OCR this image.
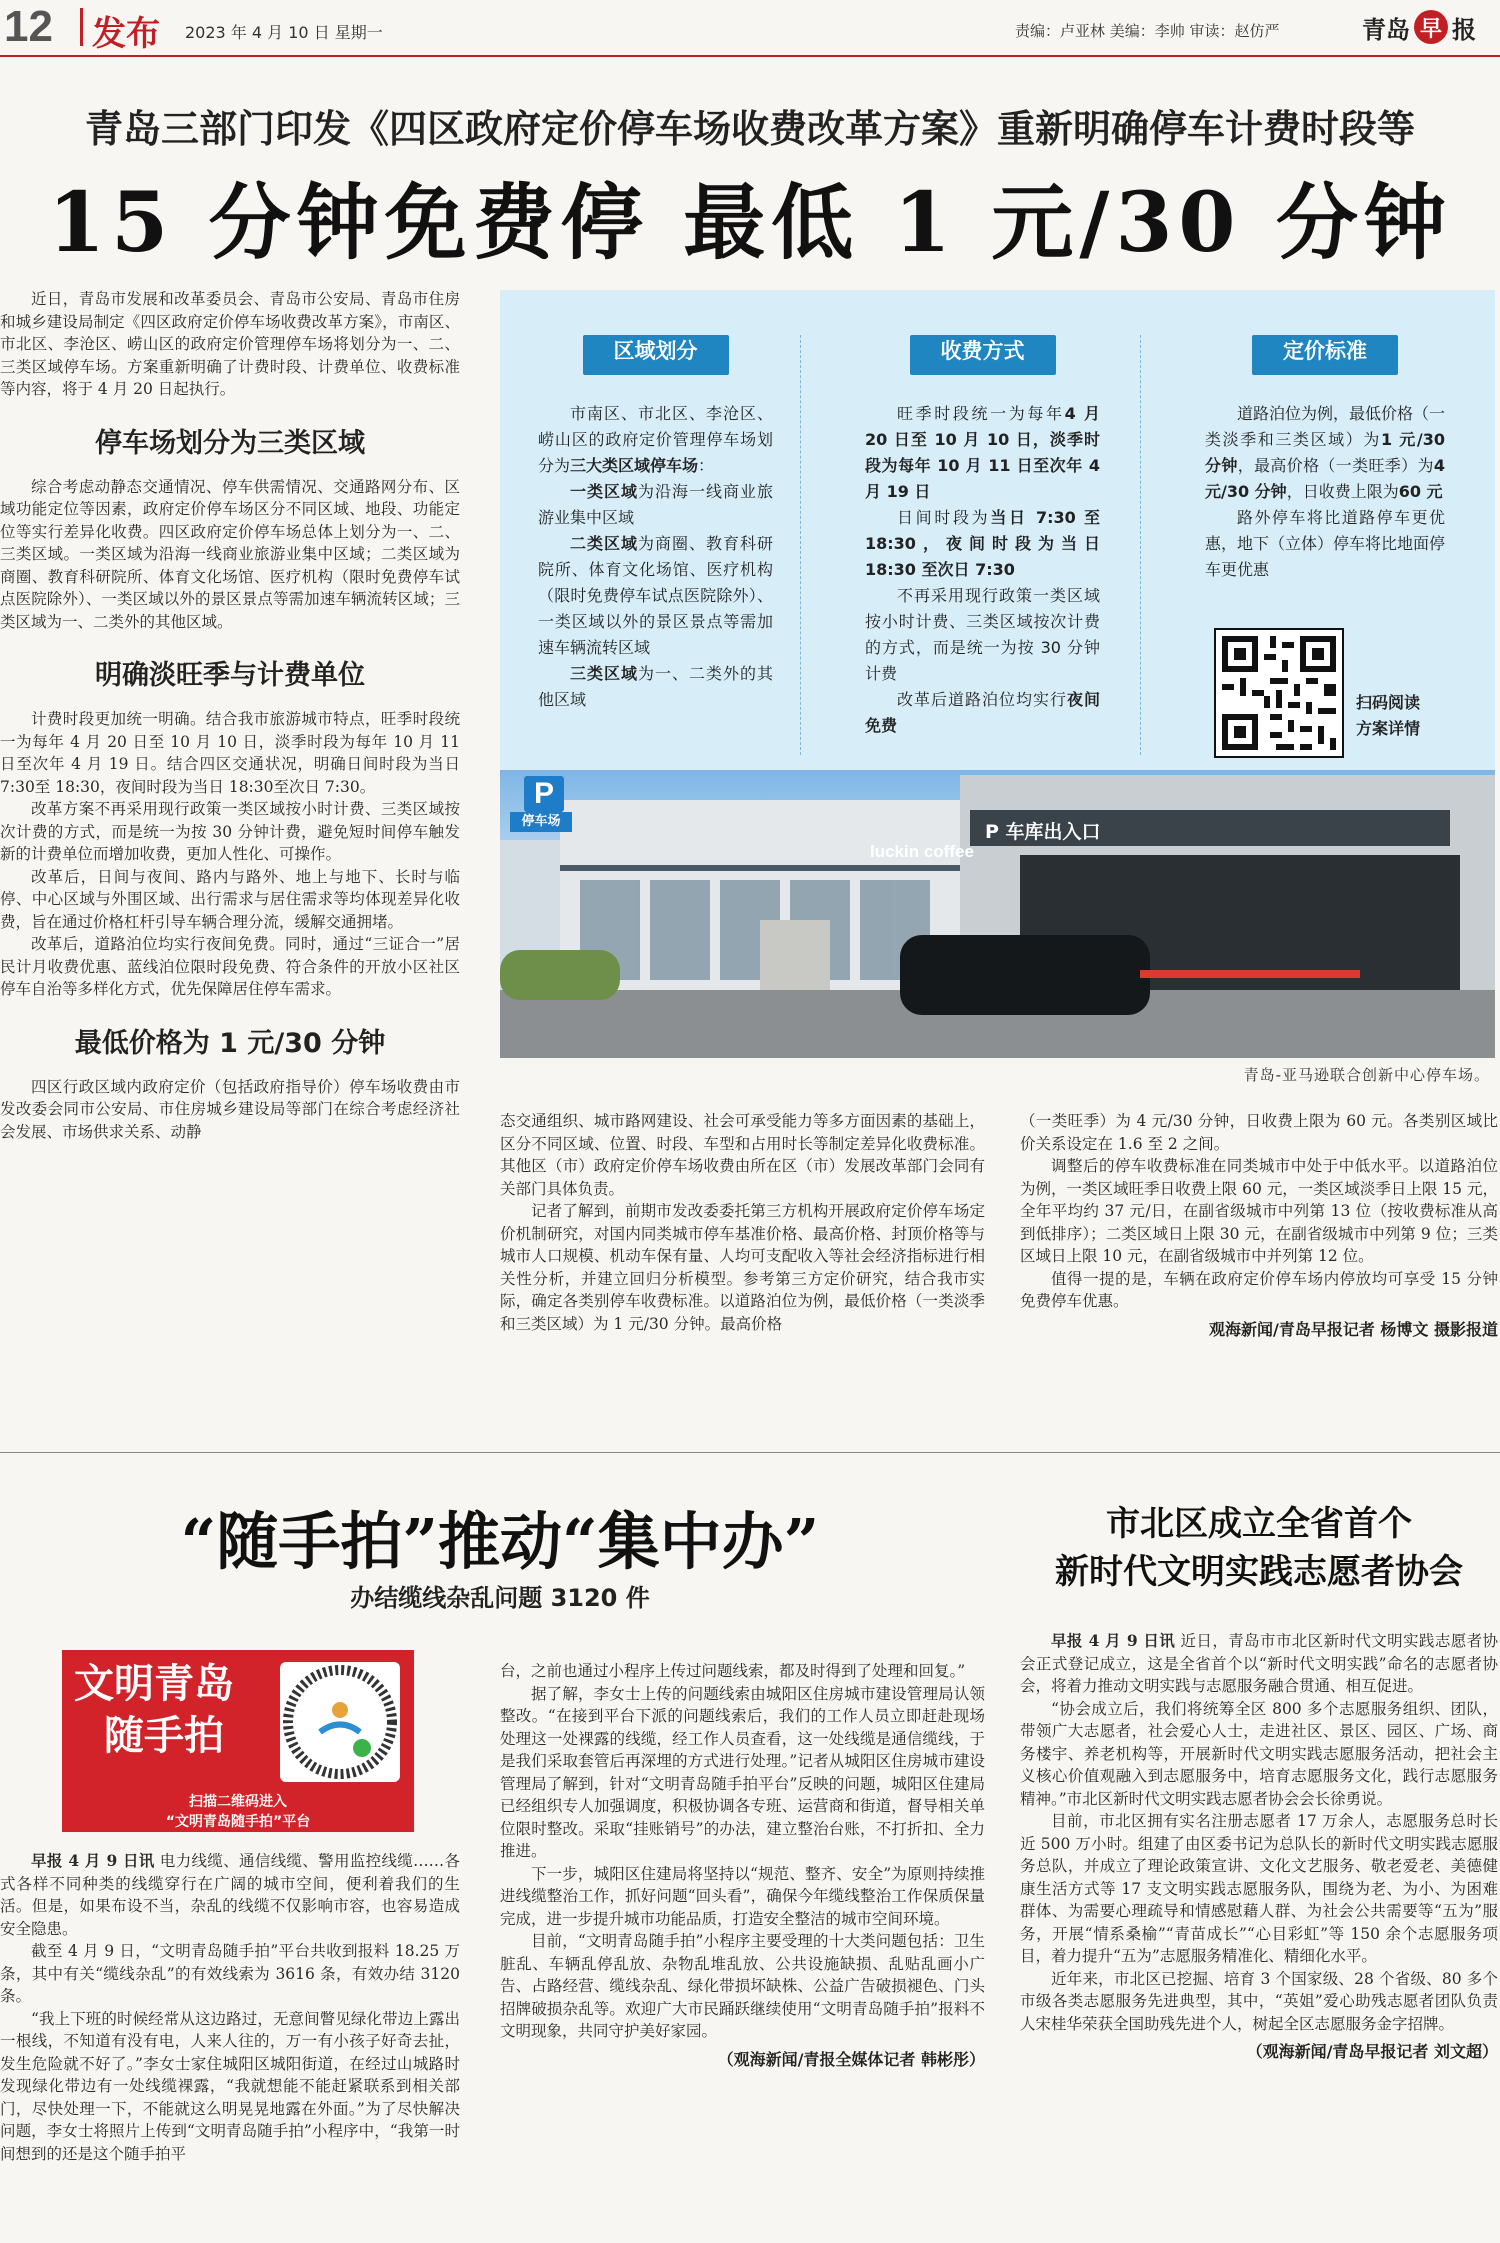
12 发布 2023 年 4 月 10 日 星期一	责编：卢亚林 美编：李帅 审读：赵仿严	青岛 早 报
青岛三部门印发《四区政府定价停车场收费改革方案》重新明确停车计费时段等
15 分钟免费停 最低 1 元/30 分钟

近日，青岛市发展和改革委员会、青岛市公安局、青岛市住房和城乡建设局制定《四区政府定价停车场收费改革方案》，市南区、市北区、李沧区、崂山区的政府定价管理停车场将划分为一、二、三类区域停车场。方案重新明确了计费时段、计费单位、收费标准等内容，将于 4 月 20 日起执行。

停车场划分为三类区域

综合考虑动静态交通情况、停车供需情况、交通路网分布、区域功能定位等因素，政府定价停车场区分不同区域、地段、功能定位等实行差异化收费。四区政府定价停车场总体上划分为一、二、三类区域。一类区域为沿海一线商业旅游业集中区域；二类区域为商圈、教育科研院所、体育文化场馆、医疗机构（限时免费停车试点医院除外）、一类区域以外的景区景点等需加速车辆流转区域；三类区域为一、二类外的其他区域。

明确淡旺季与计费单位

计费时段更加统一明确。结合我市旅游城市特点，旺季时段统一为每年 4 月 20 日至 10 月 10 日，淡季时段为每年 10 月 11 日至次年 4 月 19 日。结合四区交通状况，明确日间时段为当日 7:30至 18:30，夜间时段为当日 18:30至次日 7:30。

改革方案不再采用现行政策一类区域按小时计费、三类区域按次计费的方式，而是统一为按 30 分钟计费，避免短时间停车触发新的计费单位而增加收费，更加人性化、可操作。

改革后，日间与夜间、路内与路外、地上与地下、长时与临停、中心区域与外围区域、出行需求与居住需求等均体现差异化收费，旨在通过价格杠杆引导车辆合理分流，缓解交通拥堵。

改革后，道路泊位均实行夜间免费。同时，通过“三证合一”居民计月收费优惠、蓝线泊位限时段免费、符合条件的开放小区社区停车自治等多样化方式，优先保障居住停车需求。

最低价格为 1 元/30 分钟

四区行政区域内政府定价（包括政府指导价）停车场收费由市发改委会同市公安局、市住房城乡建设局等部门在综合考虑经济社会发展、市场供求关系、动静

区域划分

市南区、市北区、李沧区、崂山区的政府定价管理停车场划分为三大类区域停车场：

一类区域为沿海一线商业旅游业集中区域

二类区域为商圈、教育科研院所、体育文化场馆、医疗机构（限时免费停车试点医院除外）、一类区域以外的景区景点等需加速车辆流转区域

三类区域为一、二类外的其他区域

收费方式

旺季时段统一为每年4 月 20 日至 10 月 10 日，淡季时段为每年 10 月 11 日至次年 4 月 19 日

日间时段为当日 7:30 至 18:30，夜间时段为当日 18:30 至次日 7:30

不再采用现行政策一类区域按小时计费、三类区域按次计费的方式，而是统一为按 30 分钟计费

改革后道路泊位均实行夜间免费

定价标准

道路泊位为例，最低价格（一类淡季和三类区域）为1 元/30 分钟，最高价格（一类旺季）为4 元/30 分钟，日收费上限为60 元

路外停车将比道路停车更优惠，地下（立体）停车将比地面停车更优惠

扫码阅读
方案详情
P
停车场
luckin coffee
P 车库出入口
青岛-亚马逊联合创新中心停车场。

态交通组织、城市路网建设、社会可承受能力等多方面因素的基础上，区分不同区域、位置、时段、车型和占用时长等制定差异化收费标准。其他区（市）政府定价停车场收费由所在区（市）发展改革部门会同有关部门具体负责。

记者了解到，前期市发改委委托第三方机构开展政府定价停车场定价机制研究，对国内同类城市停车基准价格、最高价格、封顶价格等与城市人口规模、机动车保有量、人均可支配收入等社会经济指标进行相关性分析，并建立回归分析模型。参考第三方定价研究，结合我市实际，确定各类别停车收费标准。以道路泊位为例，最低价格（一类淡季和三类区域）为 1 元/30 分钟。最高价格

（一类旺季）为 4 元/30 分钟，日收费上限为 60 元。各类别区域比价关系设定在 1.6 至 2 之间。

调整后的停车收费标准在同类城市中处于中低水平。以道路泊位为例，一类区域旺季日收费上限 60 元，一类区域淡季日上限 15 元，全年平均约 37 元/日，在副省级城市中列第 13 位（按收费标准从高到低排序）；二类区域日上限 30 元，在副省级城市中列第 9 位；三类区域日上限 10 元，在副省级城市中并列第 12 位。

值得一提的是，车辆在政府定价停车场内停放均可享受 15 分钟免费停车优惠。

观海新闻/青岛早报记者 杨博文 摄影报道
“随手拍”推动“集中办”
办结缆线杂乱问题 3120 件
文明青岛
随手拍
扫描二维码进入
“文明青岛随手拍”平台

早报 4 月 9 日讯 电力线缆、通信线缆、警用监控线缆……各式各样不同种类的线缆穿行在广阔的城市空间，便利着我们的生活。但是，如果布设不当，杂乱的线缆不仅影响市容，也容易造成安全隐患。

截至 4 月 9 日，“文明青岛随手拍”平台共收到报料 18.25 万条，其中有关“缆线杂乱”的有效线索为 3616 条，有效办结 3120 条。

“我上下班的时候经常从这边路过，无意间瞥见绿化带边上露出一根线，不知道有没有电，人来人往的，万一有小孩子好奇去扯，发生危险就不好了。”李女士家住城阳区城阳街道，在经过山城路时发现绿化带边有一处线缆裸露，“我就想能不能赶紧联系到相关部门，尽快处理一下，不能就这么明晃晃地露在外面。”为了尽快解决问题，李女士将照片上传到“文明青岛随手拍”小程序中，“我第一时间想到的还是这个随手拍平

台，之前也通过小程序上传过问题线索，都及时得到了处理和回复。”

据了解，李女士上传的问题线索由城阳区住房城市建设管理局认领整改。“在接到平台下派的问题线索后，我们的工作人员立即赶赴现场处理这一处裸露的线缆，经工作人员查看，这一处线缆是通信缆线，于是我们采取套管后再深埋的方式进行处理。”记者从城阳区住房城市建设管理局了解到，针对“文明青岛随手拍平台”反映的问题，城阳区住建局已经组织专人加强调度，积极协调各专班、运营商和街道，督导相关单位限时整改。采取“挂账销号”的办法，建立整治台账，不打折扣、全力推进。

下一步，城阳区住建局将坚持以“规范、整齐、安全”为原则持续推进线缆整治工作，抓好问题“回头看”，确保今年缆线整治工作保质保量完成，进一步提升城市功能品质，打造安全整洁的城市空间环境。

目前，“文明青岛随手拍”小程序主要受理的十大类问题包括：卫生脏乱、车辆乱停乱放、杂物乱堆乱放、公共设施缺损、乱贴乱画小广告、占路经营、缆线杂乱、绿化带损坏缺株、公益广告破损褪色、门头招牌破损杂乱等。欢迎广大市民踊跃继续使用“文明青岛随手拍”报料不文明现象，共同守护美好家园。

（观海新闻/青报全媒体记者 韩彬彤）
市北区成立全省首个
新时代文明实践志愿者协会

早报 4 月 9 日讯 近日，青岛市市北区新时代文明实践志愿者协会正式登记成立，这是全省首个以“新时代文明实践”命名的志愿者协会，将着力推动文明实践与志愿服务融合贯通、相互促进。

“协会成立后，我们将统筹全区 800 多个志愿服务组织、团队，带领广大志愿者，社会爱心人士，走进社区、景区、园区、广场、商务楼宇、养老机构等，开展新时代文明实践志愿服务活动，把社会主义核心价值观融入到志愿服务中，培育志愿服务文化，践行志愿服务精神。”市北区新时代文明实践志愿者协会会长徐勇说。

目前，市北区拥有实名注册志愿者 17 万余人，志愿服务总时长近 500 万小时。组建了由区委书记为总队长的新时代文明实践志愿服务总队，并成立了理论政策宣讲、文化文艺服务、敬老爱老、美德健康生活方式等 17 支文明实践志愿服务队，围绕为老、为小、为困难群体、为需要心理疏导和情感慰藉人群、为社会公共需要等“五为”服务，开展“情系桑榆”“青苗成长”“心目彩虹”等 150 余个志愿服务项目，着力提升“五为”志愿服务精准化、精细化水平。

近年来，市北区已挖掘、培育 3 个国家级、28 个省级、80 多个市级各类志愿服务先进典型，其中，“英姐”爱心助残志愿者团队负责人宋桂华荣获全国助残先进个人，树起全区志愿服务金字招牌。

（观海新闻/青岛早报记者 刘文超）
